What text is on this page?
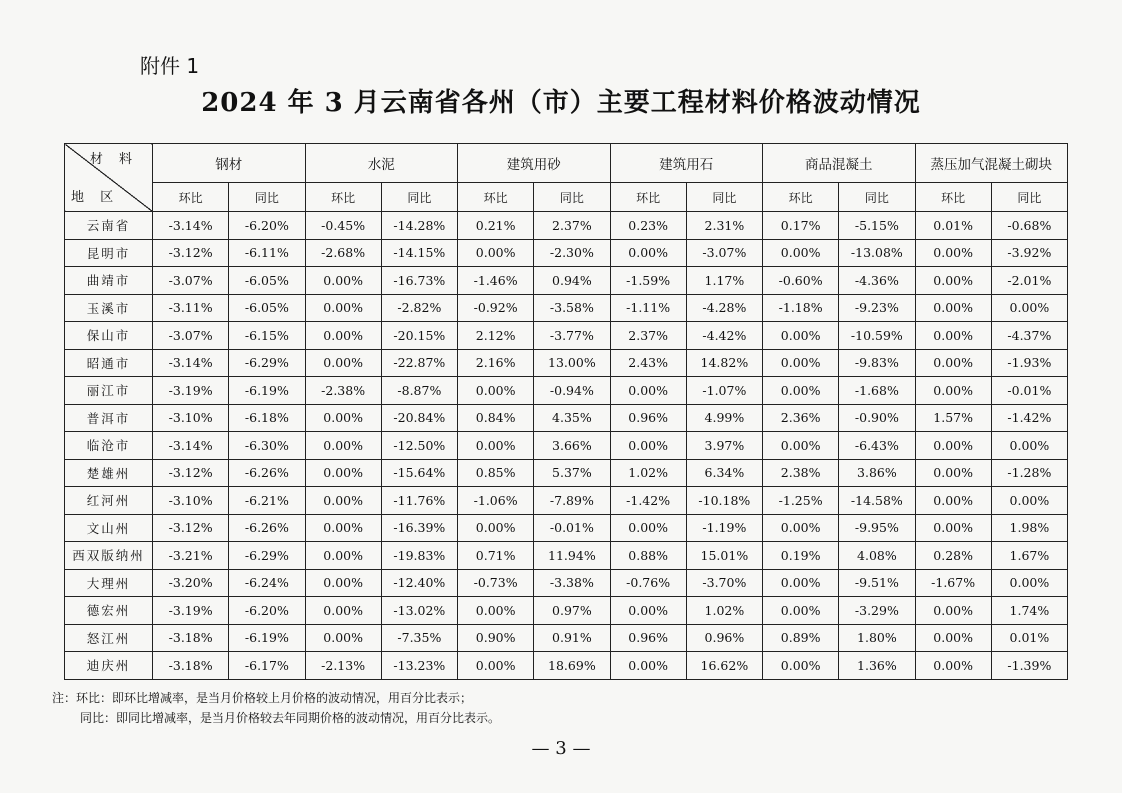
附件 1
2024 年 3 月云南省各州（市）主要工程材料价格波动情况
材 料
地 区	钢材		水泥		建筑用砂		建筑用石		商品混凝土		蒸压加气混凝土砌块	
	环比	同比	环比	同比	环比	同比	环比	同比	环比	同比	环比	同比
云南省	-3.14%	-6.20%	-0.45%	-14.28%	0.21%	2.37%	0.23%	2.31%	0.17%	-5.15%	0.01%	-0.68%
昆明市	-3.12%	-6.11%	-2.68%	-14.15%	0.00%	-2.30%	0.00%	-3.07%	0.00%	-13.08%	0.00%	-3.92%
曲靖市	-3.07%	-6.05%	0.00%	-16.73%	-1.46%	0.94%	-1.59%	1.17%	-0.60%	-4.36%	0.00%	-2.01%
玉溪市	-3.11%	-6.05%	0.00%	-2.82%	-0.92%	-3.58%	-1.11%	-4.28%	-1.18%	-9.23%	0.00%	0.00%
保山市	-3.07%	-6.15%	0.00%	-20.15%	2.12%	-3.77%	2.37%	-4.42%	0.00%	-10.59%	0.00%	-4.37%
昭通市	-3.14%	-6.29%	0.00%	-22.87%	2.16%	13.00%	2.43%	14.82%	0.00%	-9.83%	0.00%	-1.93%
丽江市	-3.19%	-6.19%	-2.38%	-8.87%	0.00%	-0.94%	0.00%	-1.07%	0.00%	-1.68%	0.00%	-0.01%
普洱市	-3.10%	-6.18%	0.00%	-20.84%	0.84%	4.35%	0.96%	4.99%	2.36%	-0.90%	1.57%	-1.42%
临沧市	-3.14%	-6.30%	0.00%	-12.50%	0.00%	3.66%	0.00%	3.97%	0.00%	-6.43%	0.00%	0.00%
楚雄州	-3.12%	-6.26%	0.00%	-15.64%	0.85%	5.37%	1.02%	6.34%	2.38%	3.86%	0.00%	-1.28%
红河州	-3.10%	-6.21%	0.00%	-11.76%	-1.06%	-7.89%	-1.42%	-10.18%	-1.25%	-14.58%	0.00%	0.00%
文山州	-3.12%	-6.26%	0.00%	-16.39%	0.00%	-0.01%	0.00%	-1.19%	0.00%	-9.95%	0.00%	1.98%
西双版纳州	-3.21%	-6.29%	0.00%	-19.83%	0.71%	11.94%	0.88%	15.01%	0.19%	4.08%	0.28%	1.67%
大理州	-3.20%	-6.24%	0.00%	-12.40%	-0.73%	-3.38%	-0.76%	-3.70%	0.00%	-9.51%	-1.67%	0.00%
德宏州	-3.19%	-6.20%	0.00%	-13.02%	0.00%	0.97%	0.00%	1.02%	0.00%	-3.29%	0.00%	1.74%
怒江州	-3.18%	-6.19%	0.00%	-7.35%	0.90%	0.91%	0.96%	0.96%	0.89%	1.80%	0.00%	0.01%
迪庆州	-3.18%	-6.17%	-2.13%	-13.23%	0.00%	18.69%	0.00%	16.62%	0.00%	1.36%	0.00%	-1.39%
注：环比：即环比增减率，是当月价格较上月价格的波动情况，用百分比表示；
同比：即同比增减率，是当月价格较去年同期价格的波动情况，用百分比表示。
— 3 —
